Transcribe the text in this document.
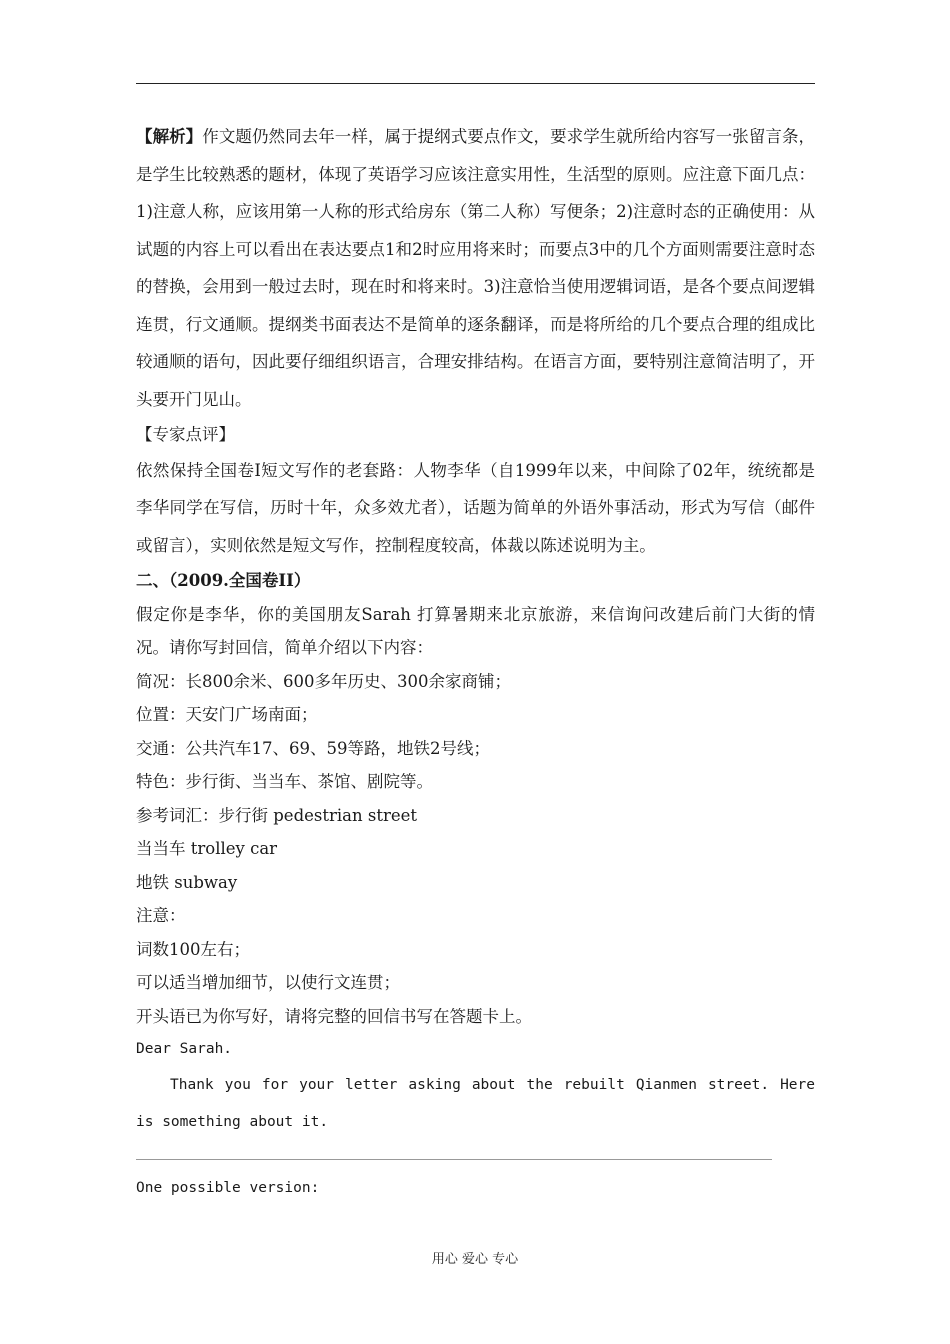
【解析】作文题仍然同去年一样，属于提纲式要点作文，要求学生就所给内容写一张留言条，是学生比较熟悉的题材，体现了英语学习应该注意实用性，生活型的原则。应注意下面几点：1)注意人称，应该用第一人称的形式给房东（第二人称）写便条；2)注意时态的正确使用：从试题的内容上可以看出在表达要点1和2时应用将来时；而要点3中的几个方面则需要注意时态的替换，会用到一般过去时，现在时和将来时。3)注意恰当使用逻辑词语，是各个要点间逻辑连贯，行文通顺。提纲类书面表达不是简单的逐条翻译，而是将所给的几个要点合理的组成比较通顺的语句，因此要仔细组织语言，合理安排结构。在语言方面，要特别注意简洁明了，开头要开门见山。

【专家点评】

依然保持全国卷I短文写作的老套路：人物李华（自1999年以来，中间除了02年，统统都是李华同学在写信，历时十年，众多效尤者），话题为简单的外语外事活动，形式为写信（邮件或留言），实则依然是短文写作，控制程度较高，体裁以陈述说明为主。

二、（2009.全国卷II）

假定你是李华，你的美国朋友Sarah 打算暑期来北京旅游，来信询问改建后前门大街的情况。请你写封回信，简单介绍以下内容：

简况：长800余米、600多年历史、300余家商铺；

位置：天安门广场南面；

交通：公共汽车17、69、59等路，地铁2号线；

特色：步行街、当当车、茶馆、剧院等。

参考词汇：步行街 pedestrian street

当当车 trolley car

地铁 subway

注意：

词数100左右；

可以适当增加细节，以使行文连贯；

开头语已为你写好，请将完整的回信书写在答题卡上。

Dear Sarah.

Thank you for your letter asking about the rebuilt Qianmen street. Here is something about it.

One possible version:

用心 爱心 专心
